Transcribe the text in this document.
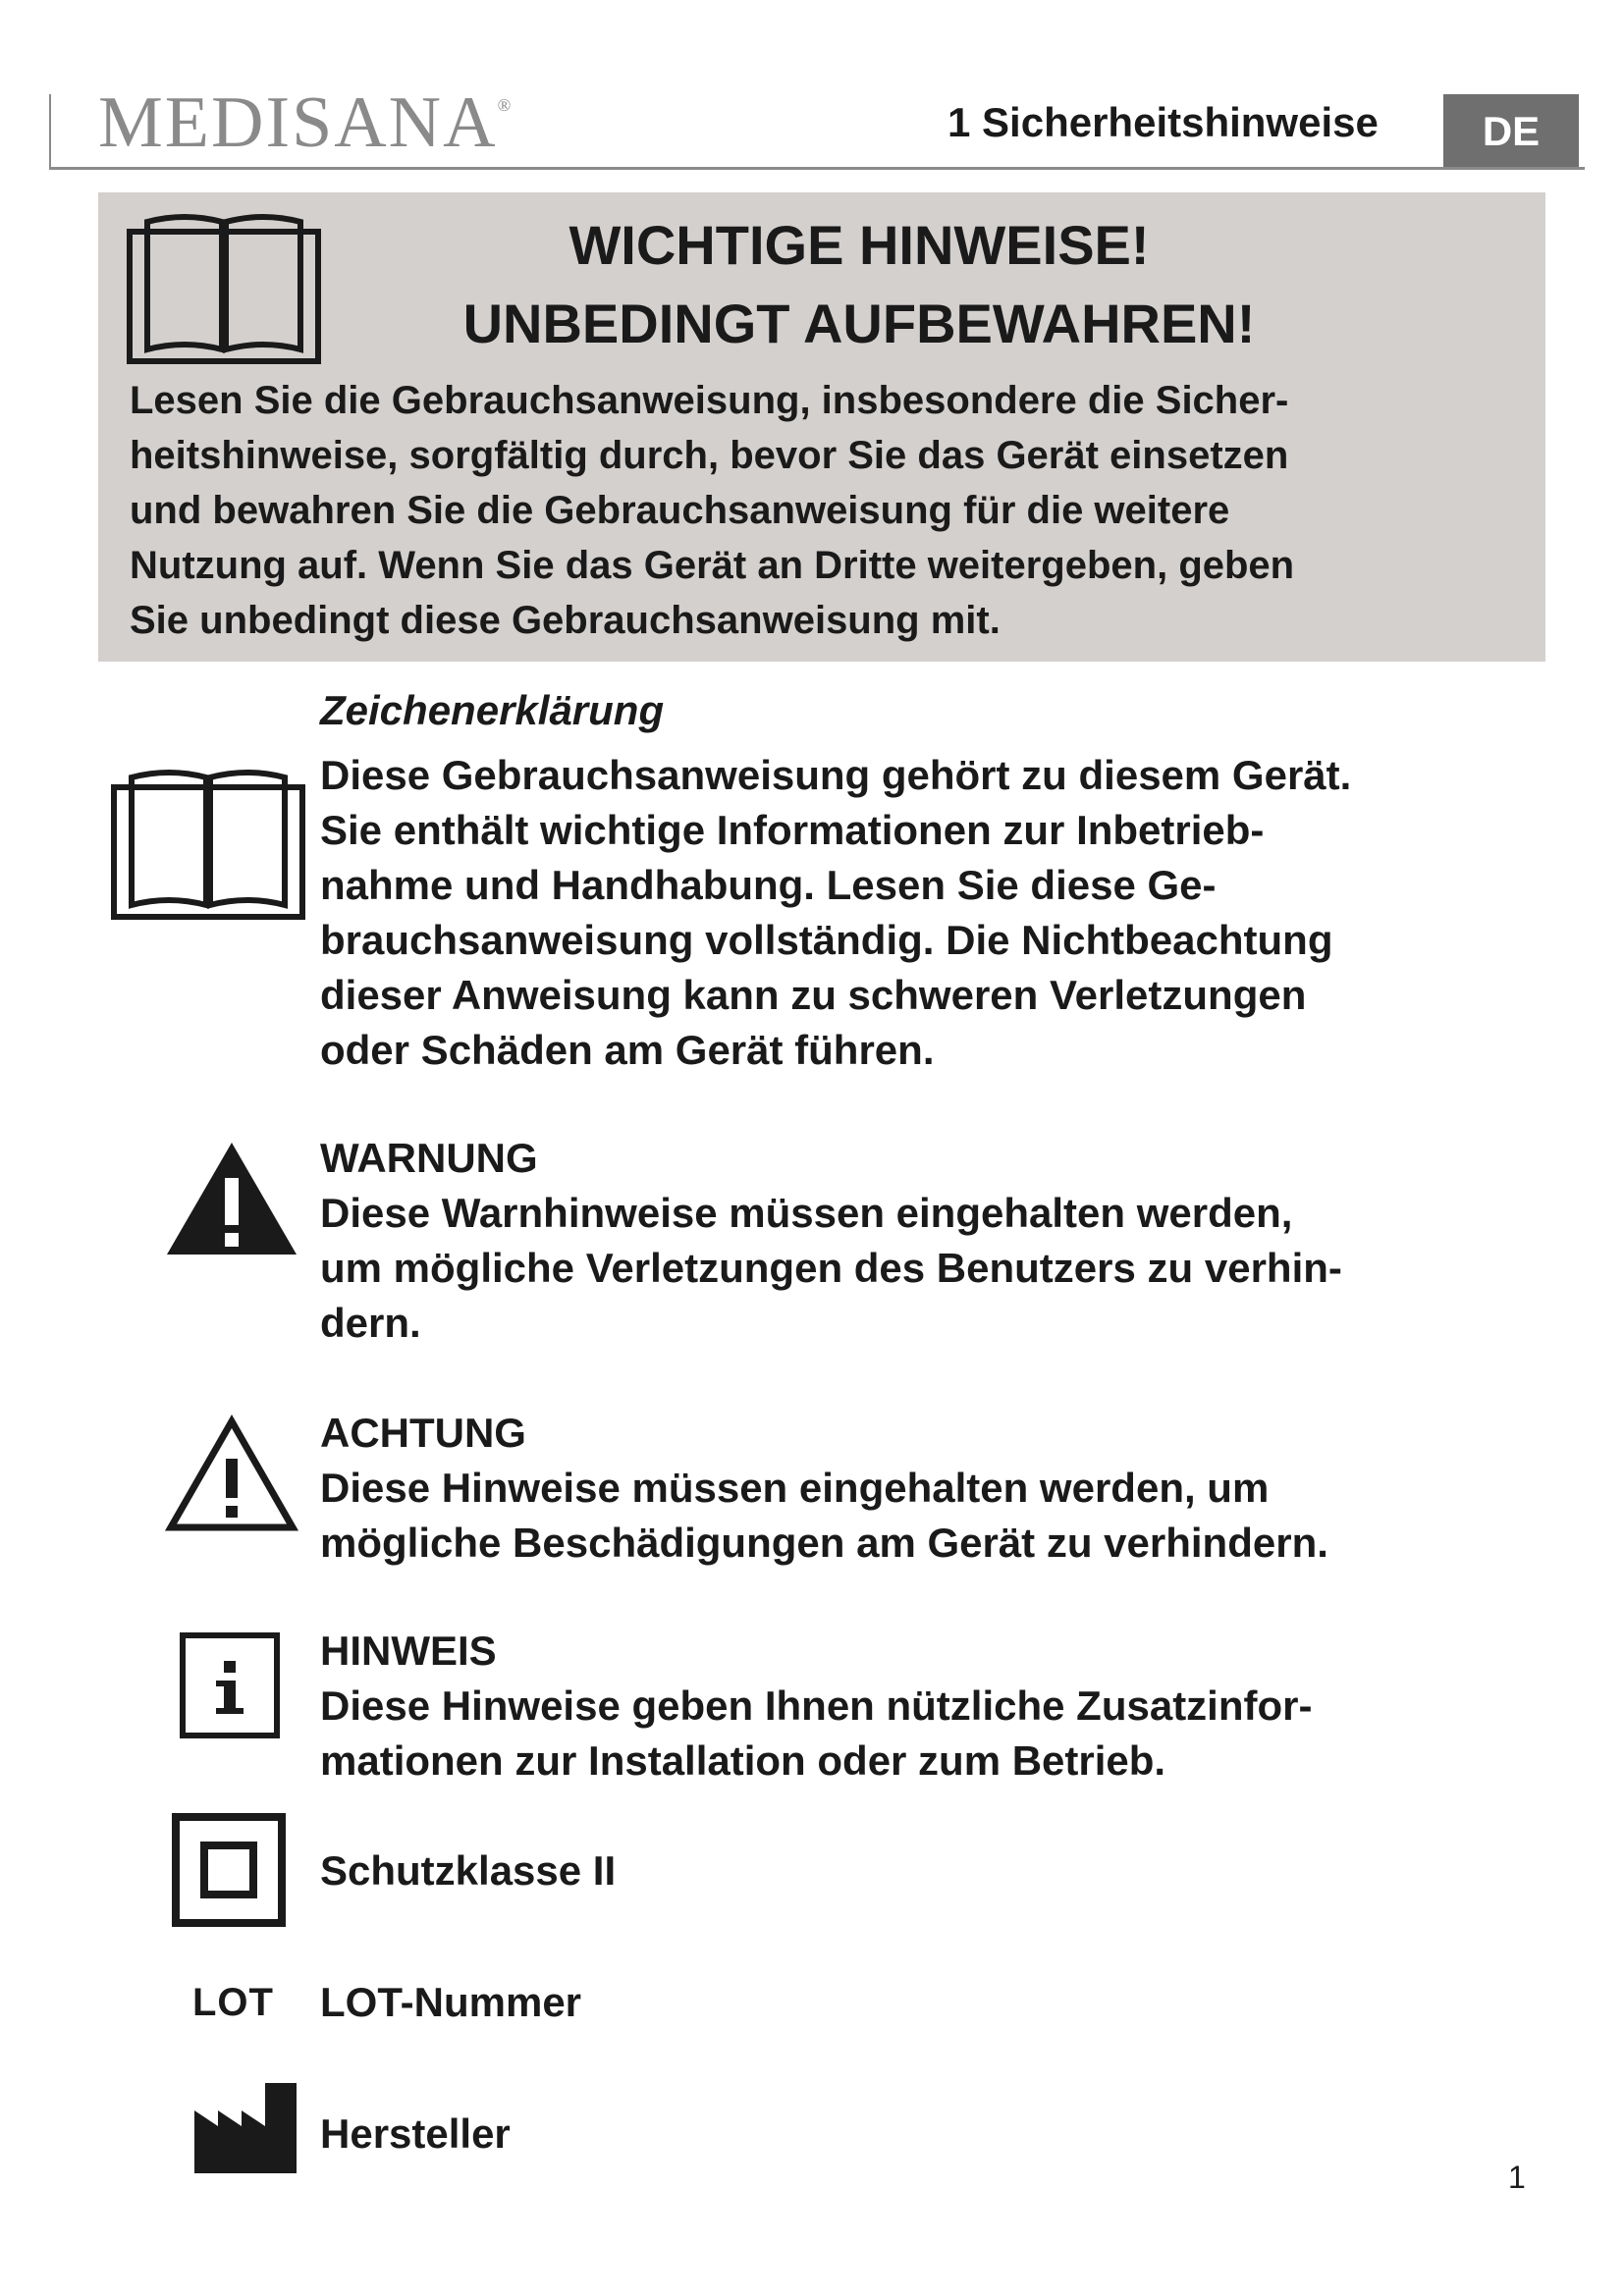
MEDISANA®	1 Sicherheitshinweise	DE
WICHTIGE HINWEISE!
UNBEDINGT AUFBEWAHREN!
Lesen Sie die Gebrauchsanweisung, insbesondere die Sicher-
heitshinweise, sorgfältig durch, bevor Sie das Gerät einsetzen
und bewahren Sie die Gebrauchsanweisung für die weitere
Nutzung auf. Wenn Sie das Gerät an Dritte weitergeben, geben
Sie unbedingt diese Gebrauchsanweisung mit.
Zeichenerklärung
Diese Gebrauchsanweisung gehört zu diesem Gerät.
Sie enthält wichtige Informationen zur Inbetrieb-
nahme und Handhabung. Lesen Sie diese Ge-
brauchsanweisung vollständig. Die Nichtbeachtung
dieser Anweisung kann zu schweren Verletzungen
oder Schäden am Gerät führen.
WARNUNG
Diese Warnhinweise müssen eingehalten werden,
um mögliche Verletzungen des Benutzers zu verhin-
dern.
ACHTUNG
Diese Hinweise müssen eingehalten werden, um
mögliche Beschädigungen am Gerät zu verhindern.
HINWEIS
Diese Hinweise geben Ihnen nützliche Zusatzinfor-
mationen zur Installation oder zum Betrieb.
Schutzklasse II
LOT LOT-Nummer
Hersteller
1
